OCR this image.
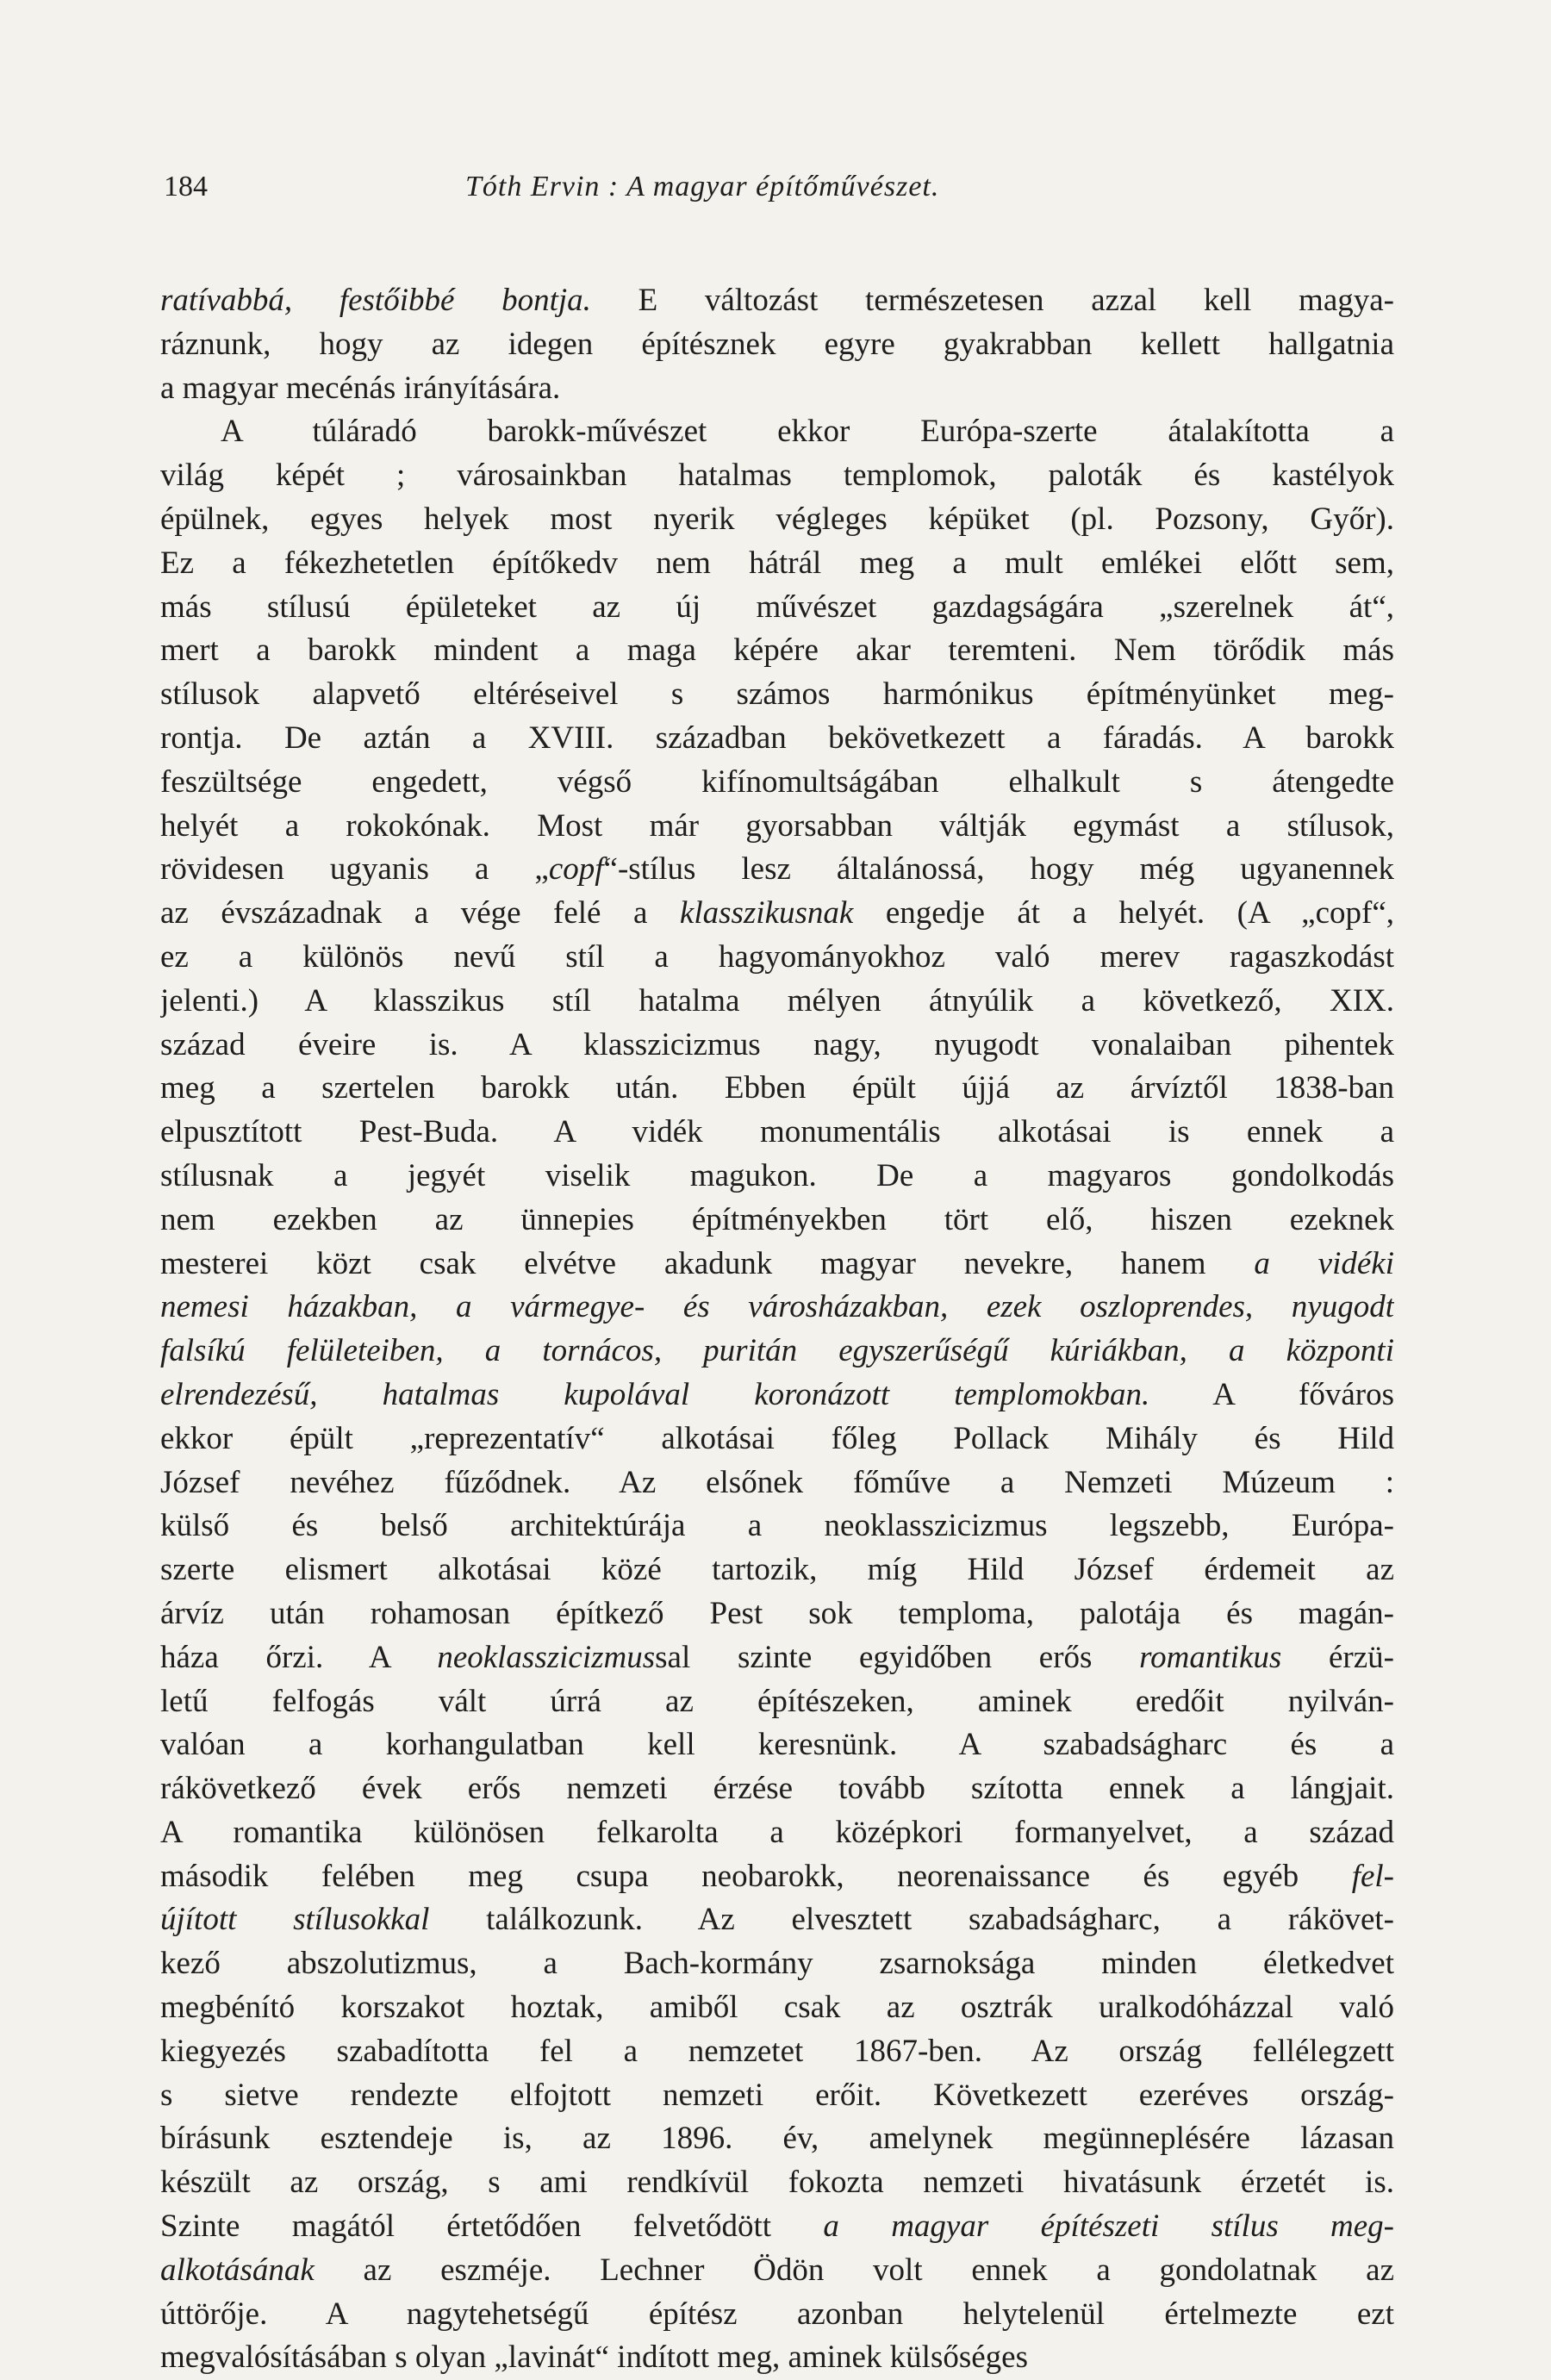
184	Tóth Ervin : A magyar építőművészet.
ratívabbá, festőibbé bontja. E változást természetesen azzal kell magya-
ráznunk, hogy az idegen építésznek egyre gyakrabban kellett hallgatnia
a magyar mecénás irányítására.
A túláradó barokk-művészet ekkor Európa-szerte átalakította a
világ képét ; városainkban hatalmas templomok, paloták és kastélyok
épülnek, egyes helyek most nyerik végleges képüket (pl. Pozsony, Győr).
Ez a fékezhetetlen építőkedv nem hátrál meg a mult emlékei előtt sem,
más stílusú épületeket az új művészet gazdagságára „szerelnek át“,
mert a barokk mindent a maga képére akar teremteni. Nem törődik más
stílusok alapvető eltéréseivel s számos harmónikus építményünket meg-
rontja. De aztán a XVIII. században bekövetkezett a fáradás. A barokk
feszültsége engedett, végső kifínomultságában elhalkult s átengedte
helyét a rokokónak. Most már gyorsabban váltják egymást a stílusok,
rövidesen ugyanis a „copf“-stílus lesz általánossá, hogy még ugyanennek
az évszázadnak a vége felé a klasszikusnak engedje át a helyét. (A „copf“,
ez a különös nevű stíl a hagyományokhoz való merev ragaszkodást
jelenti.) A klasszikus stíl hatalma mélyen átnyúlik a következő, XIX.
század éveire is. A klasszicizmus nagy, nyugodt vonalaiban pihentek
meg a szertelen barokk után. Ebben épült újjá az árvíztől 1838-ban
elpusztított Pest-Buda. A vidék monumentális alkotásai is ennek a
stílusnak a jegyét viselik magukon. De a magyaros gondolkodás
nem ezekben az ünnepies építményekben tört elő, hiszen ezeknek
mesterei közt csak elvétve akadunk magyar nevekre, hanem a vidéki
nemesi házakban, a vármegye- és városházakban, ezek oszloprendes, nyugodt
falsíkú felületeiben, a tornácos, puritán egyszerűségű kúriákban, a központi
elrendezésű, hatalmas kupolával koronázott templomokban. A főváros
ekkor épült „reprezentatív“ alkotásai főleg Pollack Mihály és Hild
József nevéhez fűződnek. Az elsőnek főműve a Nemzeti Múzeum :
külső és belső architektúrája a neoklasszicizmus legszebb, Európa-
szerte elismert alkotásai közé tartozik, míg Hild József érdemeit az
árvíz után rohamosan építkező Pest sok temploma, palotája és magán-
háza őrzi. A neoklasszicizmussal szinte egyidőben erős romantikus érzü-
letű felfogás vált úrrá az építészeken, aminek eredőit nyilván-
valóan a korhangulatban kell keresnünk. A szabadságharc és a
rákövetkező évek erős nemzeti érzése tovább szította ennek a lángjait.
A romantika különösen felkarolta a középkori formanyelvet, a század
második felében meg csupa neobarokk, neorenaissance és egyéb fel-
újított stílusokkal találkozunk. Az elvesztett szabadságharc, a rákövet-
kező abszolutizmus, a Bach-kormány zsarnoksága minden életkedvet
megbénító korszakot hoztak, amiből csak az osztrák uralkodóházzal való
kiegyezés szabadította fel a nemzetet 1867-ben. Az ország fellélegzett
s sietve rendezte elfojtott nemzeti erőit. Következett ezeréves ország-
bírásunk esztendeje is, az 1896. év, amelynek megünneplésére lázasan
készült az ország, s ami rendkívül fokozta nemzeti hivatásunk érzetét is.
Szinte magától értetődően felvetődött a magyar építészeti stílus meg-
alkotásának az eszméje. Lechner Ödön volt ennek a gondolatnak az
úttörője. A nagytehetségű építész azonban helytelenül értelmezte ezt
megvalósításában s olyan „lavinát“ indított meg, aminek külsőséges
